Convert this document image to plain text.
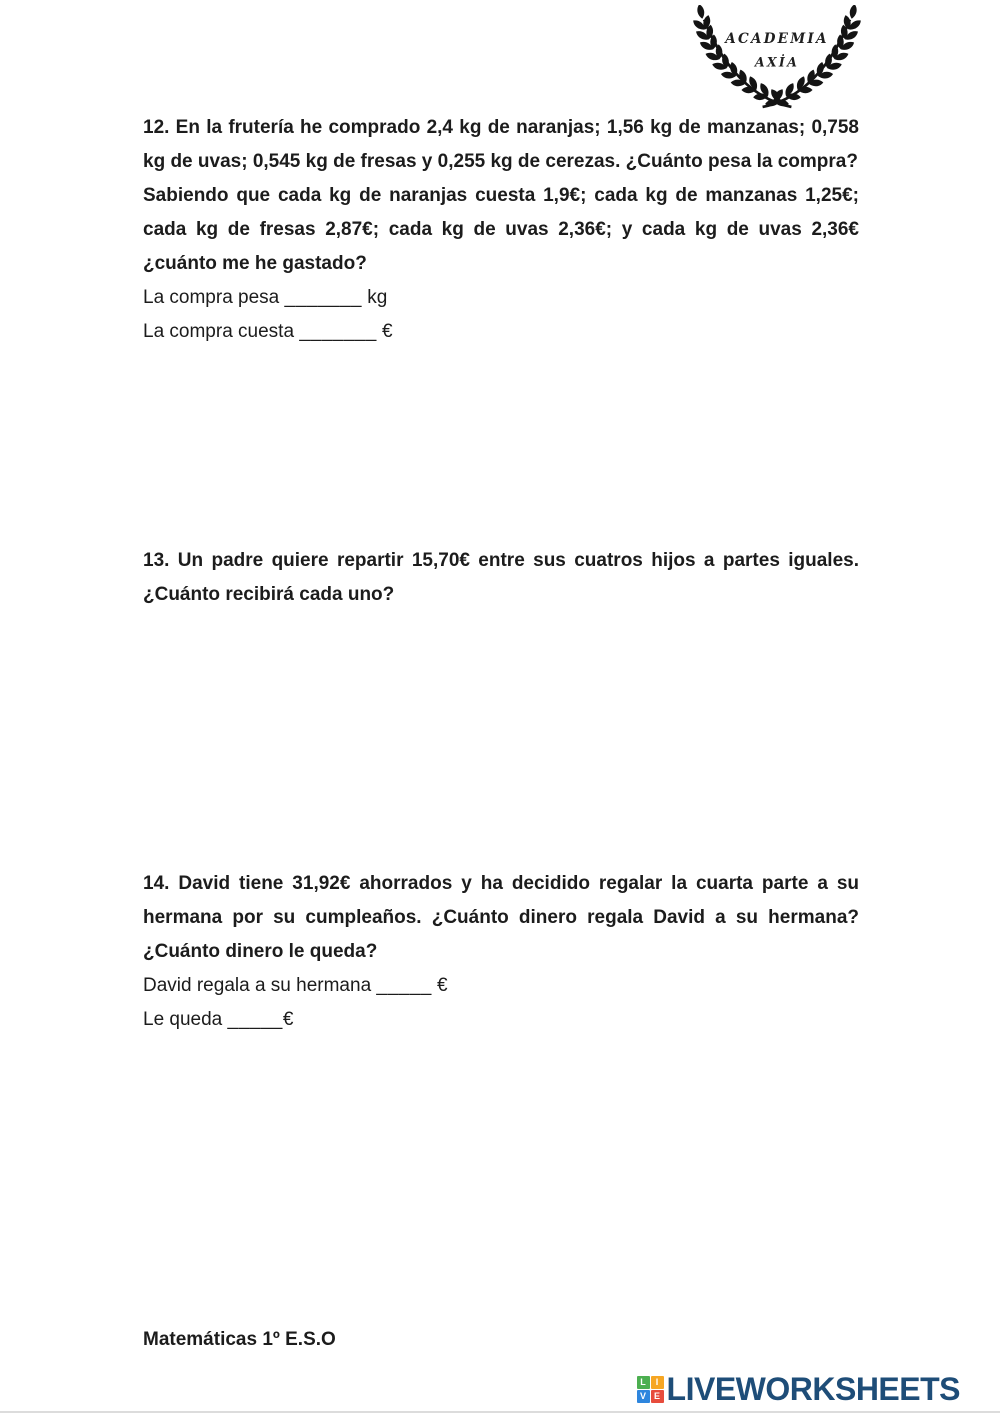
ACADEMIA
AXİA

12. En la frutería he comprado 2,4 kg de naranjas; 1,56 kg de manzanas; 0,758 kg de uvas; 0,545 kg de fresas y 0,255 kg de cerezas. ¿Cuánto pesa la compra?

Sabiendo que cada kg de naranjas cuesta 1,9€; cada kg de manzanas 1,25€; cada kg de fresas 2,87€; cada kg de uvas 2,36€; y cada kg de uvas 2,36€ ¿cuánto me he gastado?

La compra pesa _______ kg

La compra cuesta _______ €

13. Un padre quiere repartir 15,70€ entre sus cuatros hijos a partes iguales. ¿Cuánto recibirá cada uno?

14. David tiene 31,92€ ahorrados y ha decidido regalar la cuarta parte a su hermana por su cumpleaños. ¿Cuánto dinero regala David a su hermana? ¿Cuánto dinero le queda?

David regala a su hermana _____ €

Le queda _____€

Matemáticas 1º E.S.O
L	I
V E LIVEWORKSHEETS
